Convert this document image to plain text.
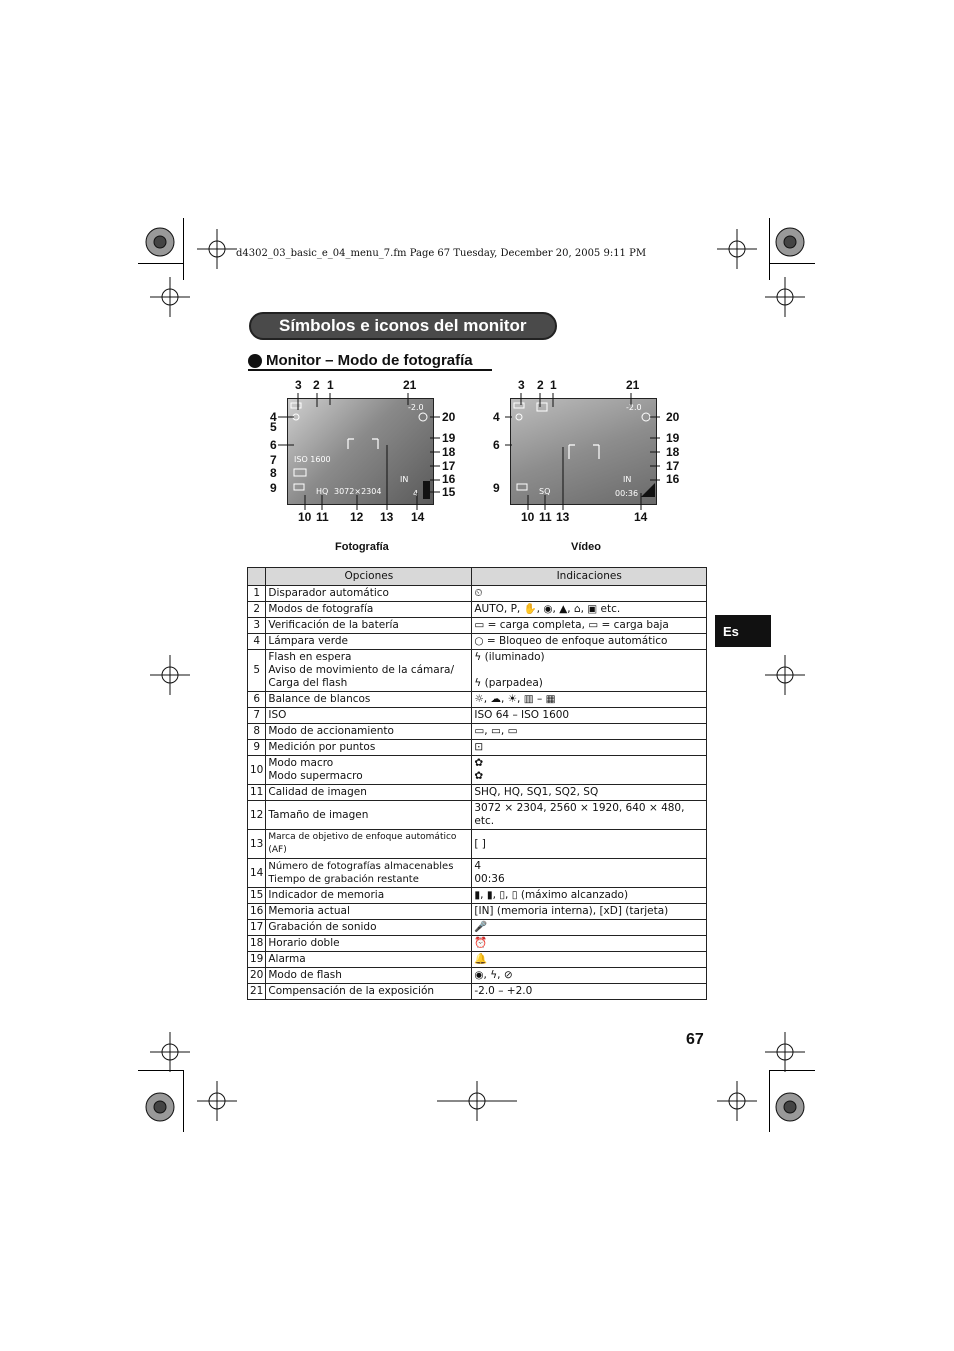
d4302_03_basic_e_04_menu_7.fm Page 67 Tuesday, December 20, 2005 9:11 PM
Símbolos e iconos del monitor
Monitor – Modo de fotografía
ISO 1600
HQ 3072×2304
-2.0
IN
4
3 2 1	21
4
5
6
7
8
9
20
19
18
17
16
15
10 11 12 13 14
Fotografía
SQ
-2.0
IN
00:36
3 2 1	21
4
6
9
20
19
18
17
16
10 11 13	14
Vídeo
	Opciones	Indicaciones
1	Disparador automático	⏲
2	Modos de fotografía	AUTO, P, ✋, ◉, ▲, ⌂, ▣ etc.
3	Verificación de la batería	▭ = carga completa, ▭ = carga baja
4	Lámpara verde	○ = Bloqueo de enfoque automático
5	Flash en espera
Aviso de movimiento de la cámara/
Carga del flash	ϟ (iluminado)

ϟ (parpadea)
6	Balance de blancos	☼, ☁, ☀, ▥ – ▦
7	ISO	ISO 64 – ISO 1600
8	Modo de accionamiento	▭, ▭, ▭
9	Medición por puntos	⊡
10	Modo macro
Modo supermacro	✿
✿
11	Calidad de imagen	SHQ, HQ, SQ1, SQ2, SQ
12	Tamaño de imagen	3072 × 2304, 2560 × 1920, 640 × 480, etc.
13	Marca de objetivo de enfoque automático (AF)	[ ]
14	Número de fotografías almacenables
Tiempo de grabación restante	4
00:36
15	Indicador de memoria	▮, ▮, ▯, ▯ (máximo alcanzado)
16	Memoria actual	[IN] (memoria interna), [xD] (tarjeta)
17	Grabación de sonido	🎤
18	Horario doble	⏰
19	Alarma	🔔
20	Modo de flash	◉, ϟ, ⊘
21	Compensación de la exposición	-2.0 – +2.0
Es
67
